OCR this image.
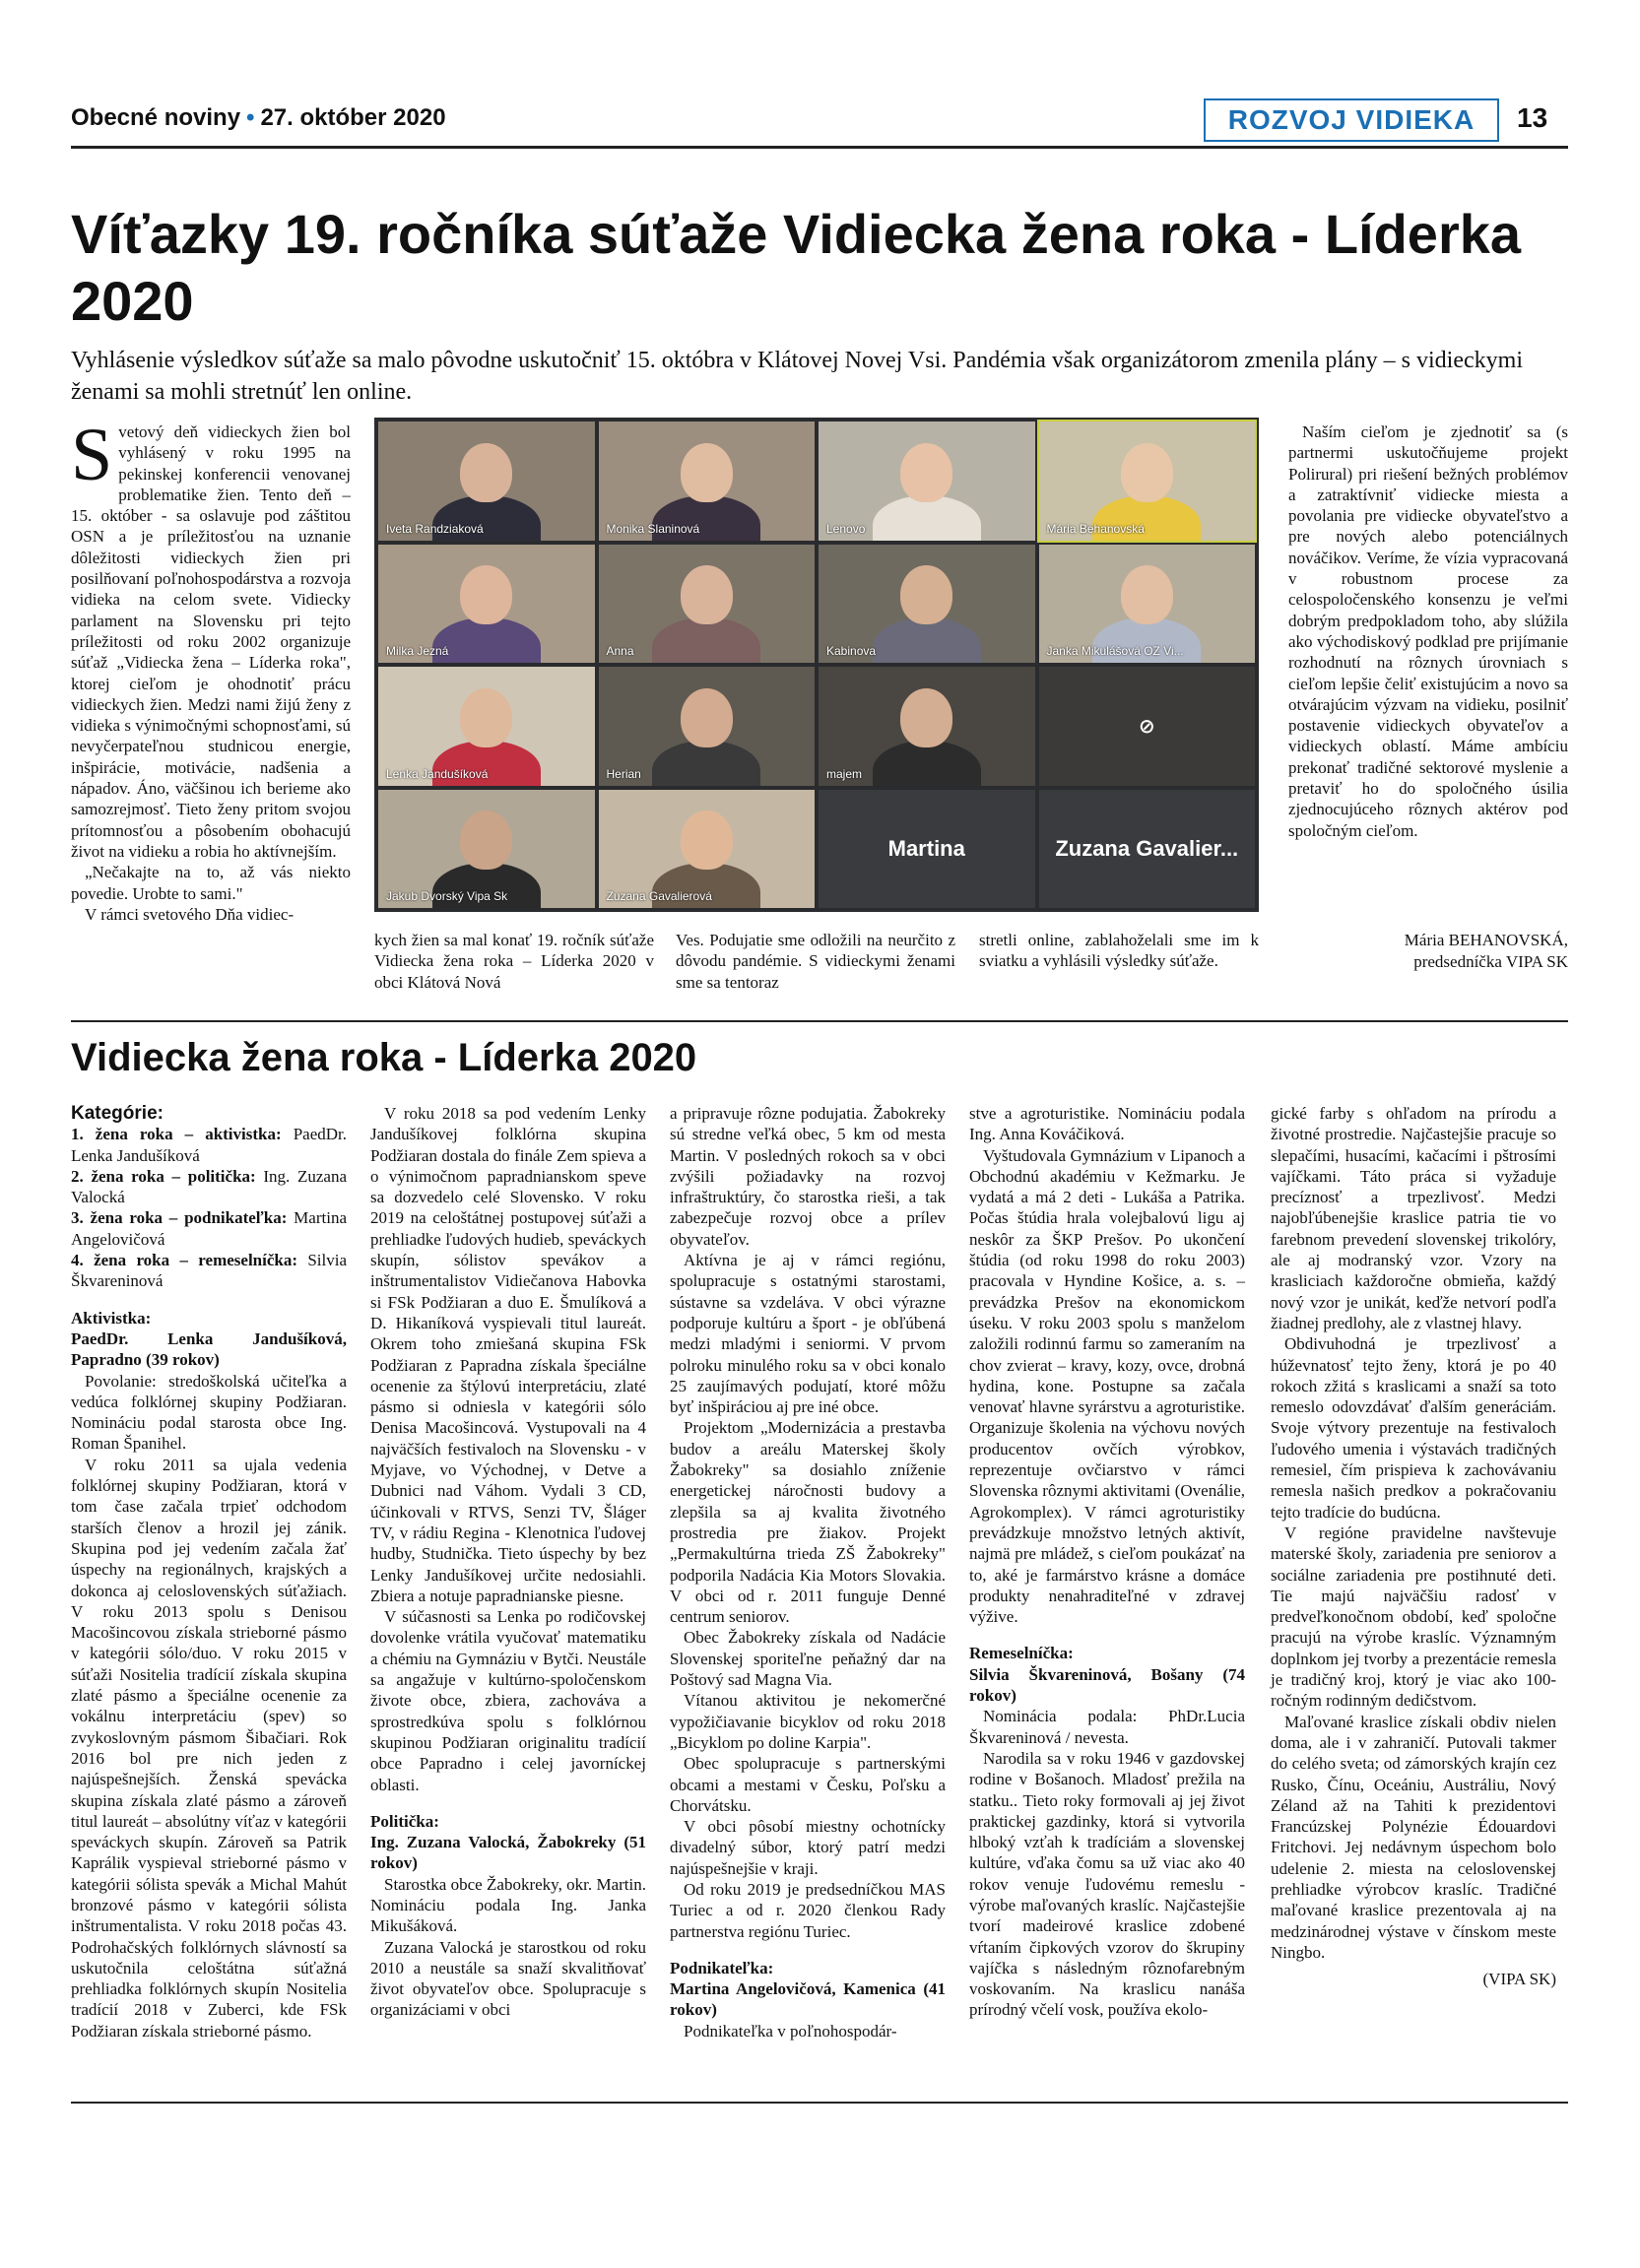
Obecné noviny • 27. október 2020	ROZVOJ VIDIEKA	13
Víťazky 19. ročníka súťaže Vidiecka žena roka - Líderka 2020
Vyhlásenie výsledkov súťaže sa malo pôvodne uskutočniť 15. októbra v Klátovej Novej Vsi. Pandémia však organizátorom zmenila plány – s vidieckymi ženami sa mohli stretnúť len online.

Svetový deň vidieckych žien bol vyhlásený v roku 1995 na pekinskej konferencii venovanej problematike žien. Tento deň – 15. október - sa oslavuje pod záštitou OSN a je príležitosťou na uznanie dôležitosti vidieckych žien pri posilňovaní poľnohospodárstva a rozvoja vidieka na celom svete. Vidiecky parlament na Slovensku pri tejto príležitosti od roku 2002 organizuje súťaž „Vidiecka žena – Líderka roka", ktorej cieľom je ohodnotiť prácu vidieckych žien. Medzi nami žijú ženy z vidieka s výnimočnými schopnosťami, sú nevyčerpateľnou studnicou energie, inšpirácie, motivácie, nadšenia a nápadov. Áno, väčšinou ich berieme ako samozrejmosť. Tieto ženy pritom svojou prítomnosťou a pôsobením obohacujú život na vidieku a robia ho aktívnejším.

„Nečakajte na to, až vás niekto povedie. Urobte to sami."

V rámci svetového Dňa vidiec-

Iveta Randziaková	Monika Slaninová	Lenovo	Mária Behanovská
Milka Jezná	Anna	Kabinova	Janka Mikulášová OZ Vi...
Lenka Jandušíková	Herian	majem
⊘
Jakub Dvorský Vipa Sk	Zuzana Gavalierová
Martina	Zuzana Gavalier...
kych žien sa mal konať 19. ročník súťaže Vidiecka žena roka – Líderka 2020 v obci Klátová Nová
Ves. Podujatie sme odložili na neurčito z dôvodu pandémie. S vidieckymi ženami sme sa tentoraz
stretli online, zablahoželali sme im k sviatku a vyhlásili výsledky súťaže.

Naším cieľom je zjednotiť sa (s partnermi uskutočňujeme projekt Polirural) pri riešení bežných problémov a zatraktívniť vidiecke miesta a povolania pre vidiecke obyvateľstvo a pre nových alebo potenciálnych nováčikov. Veríme, že vízia vypracovaná v robustnom procese za celospoločenského konsenzu je veľmi dobrým predpokladom toho, aby slúžila ako východiskový podklad pre prijímanie rozhodnutí na rôznych úrovniach s cieľom lepšie čeliť existujúcim a novo sa otvárajúcim výzvam na vidieku, posilniť postavenie vidieckych obyvateľov a vidieckych oblastí. Máme ambíciu prekonať tradičné sektorové myslenie a pretaviť ho do spoločného úsilia zjednocujúceho rôznych aktérov pod spoločným cieľom.

Mária BEHANOVSKÁ,
predsedníčka VIPA SK
Vidiecka žena roka - Líderka 2020

Kategórie:

1. žena roka – aktivistka: PaedDr. Lenka Jandušíková

2. žena roka – politička: Ing. Zuzana Valocká

3. žena roka – podnikateľka: Martina Angelovičová

4. žena roka – remeselníčka: Silvia Škvareninová

Aktivistka:

PaedDr. Lenka Jandušíková, Papradno (39 rokov)

Povolanie: stredoškolská učiteľka a vedúca folklórnej skupiny Podžiaran. Nomináciu podal starosta obce Ing. Roman Španihel.

V roku 2011 sa ujala vedenia folklórnej skupiny Podžiaran, ktorá v tom čase začala trpieť odchodom starších členov a hrozil jej zánik. Skupina pod jej vedením začala žať úspechy na regionálnych, krajských a dokonca aj celoslovenských súťažiach. V roku 2013 spolu s Denisou Macošincovou získala strieborné pásmo v kategórii sólo/duo. V roku 2015 v súťaži Nositelia tradícií získala skupina zlaté pásmo a špeciálne ocenenie za vokálnu interpretáciu (spev) so zvykoslovným pásmom Šibačiari. Rok 2016 bol pre nich jeden z najúspešnejších. Ženská spevácka skupina získala zlaté pásmo a zároveň titul laureát – absolútny víťaz v kategórii speváckych skupín. Zároveň sa Patrik Kaprálik vyspieval strieborné pásmo v kategórii sólista spevák a Michal Mahút bronzové pásmo v kategórii sólista inštrumentalista. V roku 2018 počas 43. Podrohačských folklórnych slávností sa uskutočnila celoštátna súťažná prehliadka folklórnych skupín Nositelia tradícií 2018 v Zuberci, kde FSk Podžiaran získala strieborné pásmo.

V roku 2018 sa pod vedením Lenky Jandušíkovej folklórna skupina Podžiaran dostala do finále Zem spieva a o výnimočnom papradnianskom speve sa dozvedelo celé Slovensko. V roku 2019 na celoštátnej postupovej súťaži a prehliadke ľudových hudieb, speváckych skupín, sólistov spevákov a inštrumentalistov Vidiečanova Habovka si FSk Podžiaran a duo E. Šmulíková a D. Hikaníková vyspievali titul laureát. Okrem toho zmiešaná skupina FSk Podžiaran z Papradna získala špeciálne ocenenie za štýlovú interpretáciu, zlaté pásmo si odniesla v kategórii sólo Denisa Macošincová. Vystupovali na 4 najväčších festivaloch na Slovensku - v Myjave, vo Východnej, v Detve a Dubnici nad Váhom. Vydali 3 CD, účinkovali v RTVS, Senzi TV, Šláger TV, v rádiu Regina - Klenotnica ľudovej hudby, Studnička. Tieto úspechy by bez Lenky Jandušíkovej určite nedosiahli. Zbiera a notuje papradnianske piesne.

V súčasnosti sa Lenka po rodičovskej dovolenke vrátila vyučovať matematiku a chémiu na Gymnáziu v Bytči. Neustále sa angažuje v kultúrno-spoločenskom živote obce, zbiera, zachováva a sprostredkúva spolu s folklórnou skupinou Podžiaran originalitu tradícií obce Papradno i celej javorníckej oblasti.

Politička:

Ing. Zuzana Valocká, Žabokreky (51 rokov)

Starostka obce Žabokreky, okr. Martin. Nomináciu podala Ing. Janka Mikušáková.

Zuzana Valocká je starostkou od roku 2010 a neustále sa snaží skvalitňovať život obyvateľov obce. Spolupracuje s organizáciami v obci

a pripravuje rôzne podujatia. Žabokreky sú stredne veľká obec, 5 km od mesta Martin. V posledných rokoch sa v obci zvýšili požiadavky na rozvoj infraštruktúry, čo starostka rieši, a tak zabezpečuje rozvoj obce a prílev obyvateľov.

Aktívna je aj v rámci regiónu, spolupracuje s ostatnými starostami, sústavne sa vzdeláva. V obci výrazne podporuje kultúru a šport - je obľúbená medzi mladými i seniormi. V prvom polroku minulého roku sa v obci konalo 25 zaujímavých podujatí, ktoré môžu byť inšpiráciou aj pre iné obce.

Projektom „Modernizácia a prestavba budov a areálu Materskej školy Žabokreky" sa dosiahlo zníženie energetickej náročnosti budovy a zlepšila sa aj kvalita životného prostredia pre žiakov. Projekt „Permakultúrna trieda ZŠ Žabokreky" podporila Nadácia Kia Motors Slovakia. V obci od r. 2011 funguje Denné centrum seniorov.

Obec Žabokreky získala od Nadácie Slovenskej sporiteľne peňažný dar na Poštový sad Magna Via.

Vítanou aktivitou je nekomerčné vypožičiavanie bicyklov od roku 2018 „Bicyklom po doline Karpia".

Obec spolupracuje s partnerskými obcami a mestami v Česku, Poľsku a Chorvátsku.

V obci pôsobí miestny ochotnícky divadelný súbor, ktorý patrí medzi najúspešnejšie v kraji.

Od roku 2019 je predsedníčkou MAS Turiec a od r. 2020 členkou Rady partnerstva regiónu Turiec.

Podnikateľka:

Martina Angelovičová, Kamenica (41 rokov)

Podnikateľka v poľnohospodár-

stve a agroturistike. Nomináciu podala Ing. Anna Kováčiková.

Vyštudovala Gymnázium v Lipanoch a Obchodnú akadémiu v Kežmarku. Je vydatá a má 2 deti - Lukáša a Patrika. Počas štúdia hrala volejbalovú ligu aj neskôr za ŠKP Prešov. Po ukončení štúdia (od roku 1998 do roku 2003) pracovala v Hyndine Košice, a. s. – prevádzka Prešov na ekonomickom úseku. V roku 2003 spolu s manželom založili rodinnú farmu so zameraním na chov zvierat – kravy, kozy, ovce, drobná hydina, kone. Postupne sa začala venovať hlavne syrárstvu a agroturistike. Organizuje školenia na výchovu nových producentov ovčích výrobkov, reprezentuje ovčiarstvo v rámci Slovenska rôznymi aktivitami (Ovenálie, Agrokomplex). V rámci agroturistiky prevádzkuje množstvo letných aktivít, najmä pre mládež, s cieľom poukázať na to, aké je farmárstvo krásne a domáce produkty nenahraditeľné v zdravej výžive.

Remeselníčka:

Silvia Škvareninová, Bošany (74 rokov)

Nominácia podala: PhDr.Lucia Škvareninová / nevesta.

Narodila sa v roku 1946 v gazdovskej rodine v Bošanoch. Mladosť prežila na statku.. Tieto roky formovali aj jej život praktickej gazdinky, ktorá si vytvorila hlboký vzťah k tradíciám a slovenskej kultúre, vďaka čomu sa už viac ako 40 rokov venuje ľudovému remeslu - výrobe maľovaných kraslíc. Najčastejšie tvorí madeirové kraslice zdobené vŕtaním čipkových vzorov do škrupiny vajíčka s následným rôznofarebným voskovaním. Na kraslicu nanáša prírodný včelí vosk, používa ekolo-

gické farby s ohľadom na prírodu a životné prostredie. Najčastejšie pracuje so slepačími, husacími, kačacími i pštrosími vajíčkami. Táto práca si vyžaduje precíznosť a trpezlivosť. Medzi najobľúbenejšie kraslice patria tie vo farebnom prevedení slovenskej trikolóry, ale aj modranský vzor. Vzory na krasliciach každoročne obmieňa, každý nový vzor je unikát, keďže netvorí podľa žiadnej predlohy, ale z vlastnej hlavy.

Obdivuhodná je trpezlivosť a húževnatosť tejto ženy, ktorá je po 40 rokoch zžitá s kraslicami a snaží sa toto remeslo odovzdávať ďalším generáciám. Svoje výtvory prezentuje na festivaloch ľudového umenia i výstavách tradičných remesiel, čím prispieva k zachovávaniu remesla našich predkov a pokračovaniu tejto tradície do budúcna.

V regióne pravidelne navštevuje materské školy, zariadenia pre seniorov a sociálne zariadenia pre postihnuté deti. Tie majú najväčšiu radosť v predveľkonočnom období, keď spoločne pracujú na výrobe kraslíc. Významným doplnkom jej tvorby a prezentácie remesla je tradičný kroj, ktorý je viac ako 100-ročným rodinným dedičstvom.

Maľované kraslice získali obdiv nielen doma, ale i v zahraničí. Putovali takmer do celého sveta; od zámorských krajín cez Rusko, Čínu, Oceániu, Austráliu, Nový Zéland až na Tahiti k prezidentovi Francúzskej Polynézie Édouardovi Fritchovi. Jej nedávnym úspechom bolo udelenie 2. miesta na celoslovenskej prehliadke výrobcov kraslíc. Tradičné maľované kraslice prezentovala aj na medzinárodnej výstave v čínskom meste Ningbo.

(VIPA SK)
